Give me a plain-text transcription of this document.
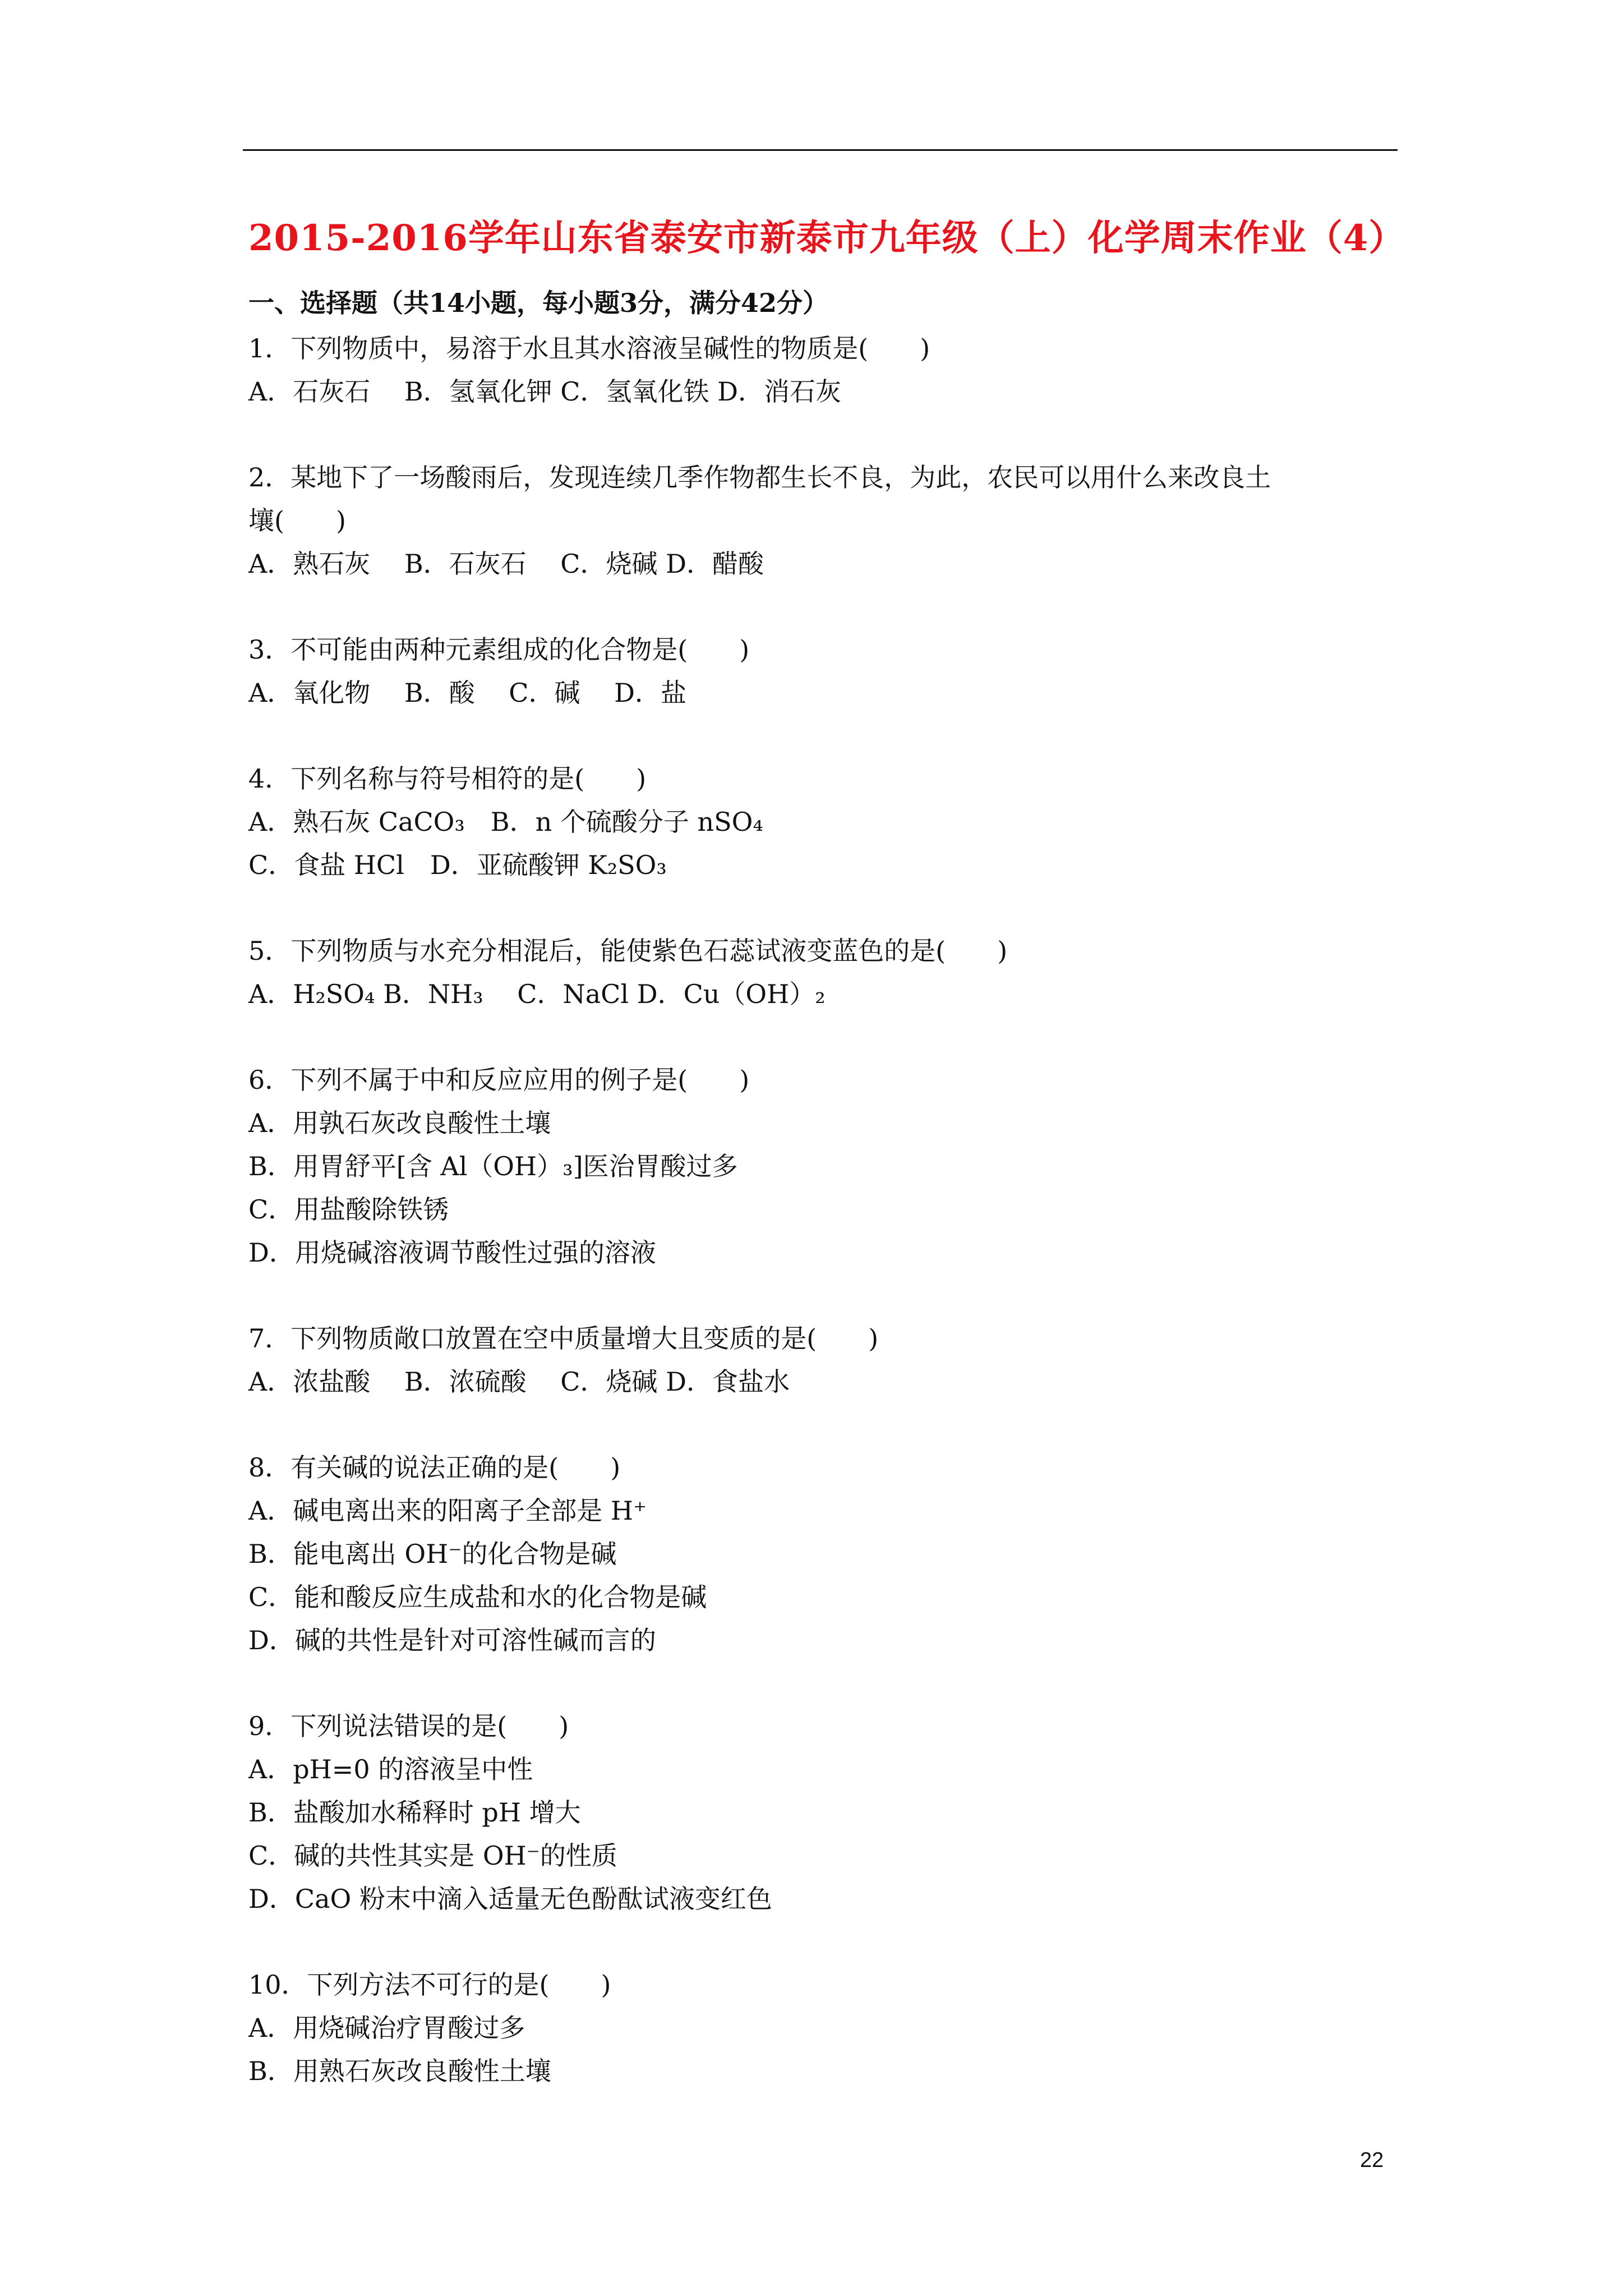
2015-2016学年山东省泰安市新泰市九年级（上）化学周末作业（4）
一、选择题（共14小题，每小题3分，满分42分）
1．下列物质中，易溶于水且其水溶液呈碱性的物质是(　　)
A．石灰石　 B．氢氧化钾 C．氢氧化铁 D．消石灰
2．某地下了一场酸雨后，发现连续几季作物都生长不良，为此，农民可以用什么来改良土
壤(　　)
A．熟石灰　 B．石灰石　 C．烧碱 D．醋酸
3．不可能由两种元素组成的化合物是(　　)
A．氧化物　 B．酸　 C．碱　 D．盐
4．下列名称与符号相符的是(　　)
A．熟石灰 CaCO₃　B．n 个硫酸分子 nSO₄
C．食盐 HCl　D．亚硫酸钾 K₂SO₃
5．下列物质与水充分相混后，能使紫色石蕊试液变蓝色的是(　　)
A．H₂SO₄ B．NH₃　 C．NaCl D．Cu（OH）₂
6．下列不属于中和反应应用的例子是(　　)
A．用孰石灰改良酸性土壤
B．用胃舒平[含 Al（OH）₃]医治胃酸过多
C．用盐酸除铁锈
D．用烧碱溶液调节酸性过强的溶液
7．下列物质敞口放置在空中质量增大且变质的是(　　)
A．浓盐酸　 B．浓硫酸　 C．烧碱 D．食盐水
8．有关碱的说法正确的是(　　)
A．碱电离出来的阳离子全部是 H⁺
B．能电离出 OH⁻的化合物是碱
C．能和酸反应生成盐和水的化合物是碱
D．碱的共性是针对可溶性碱而言的
9．下列说法错误的是(　　)
A．pH=0 的溶液呈中性
B．盐酸加水稀释时 pH 增大
C．碱的共性其实是 OH⁻的性质
D．CaO 粉末中滴入适量无色酚酞试液变红色
10．下列方法不可行的是(　　)
A．用烧碱治疗胃酸过多
B．用熟石灰改良酸性土壤
22
